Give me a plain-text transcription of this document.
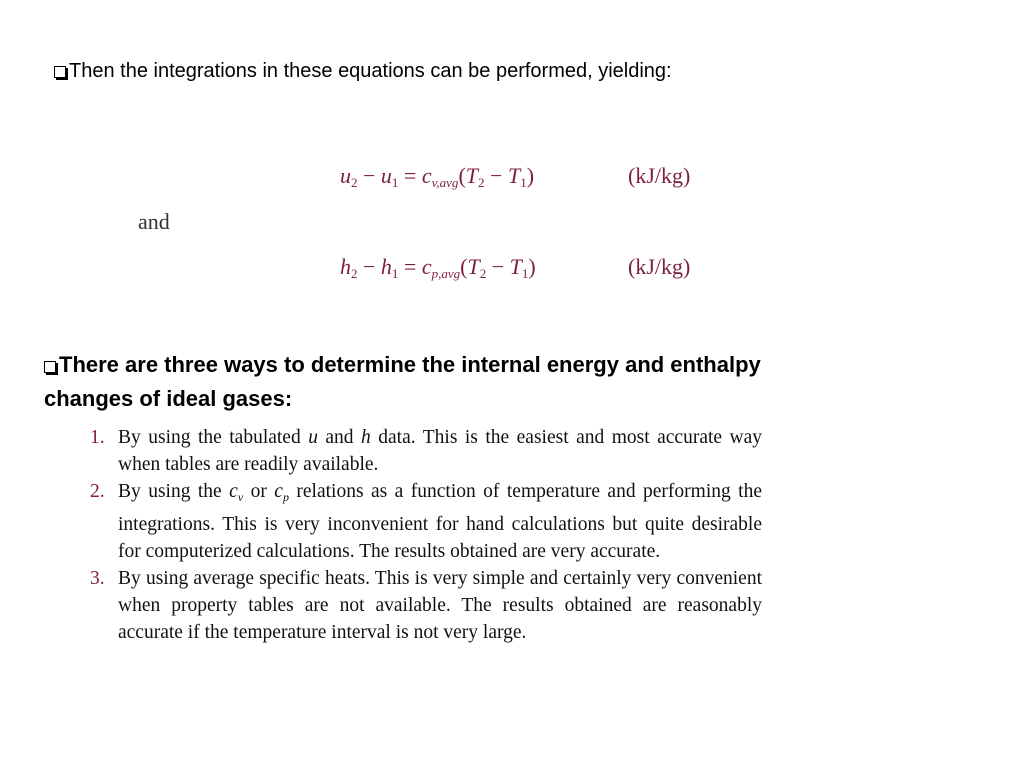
Then the integrations in these equations can be performed, yielding:
$u_2 - u_1 = c_{v,avg}(T_2 - T_1)$	(kJ/kg)
and
$h_2 - h_1 = c_{p,avg}(T_2 - T_1)$	(kJ/kg)
There are three ways to determine the internal energy and enthalpy changes of ideal gases:
1. By using the tabulated u and h data. This is the easiest and most accurate way when tables are readily available.
2. By using the $c_v$ or $c_p$ relations as a function of temperature and performing the integrations. This is very inconvenient for hand calculations but quite desirable for computerized calculations. The results obtained are very accurate.
3. By using average specific heats. This is very simple and certainly very convenient when property tables are not available. The results obtained are reasonably accurate if the temperature interval is not very large.
